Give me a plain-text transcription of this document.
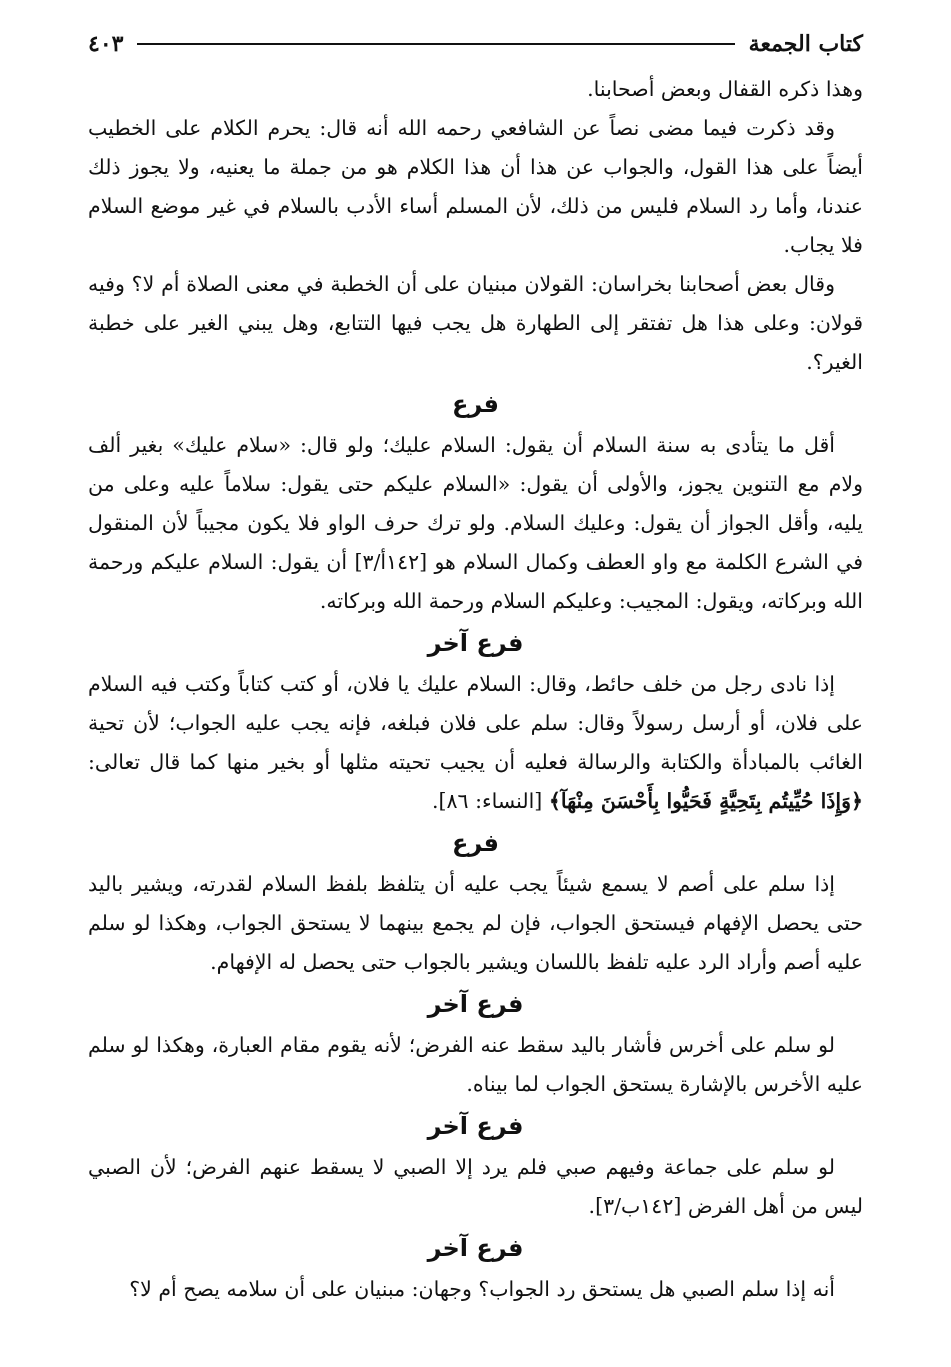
كتاب الجمعة
٤٠٣

وهذا ذكره القفال وبعض أصحابنا.

وقد ذكرت فيما مضى نصاً عن الشافعي رحمه الله أنه قال: يحرم الكلام على الخطيب أيضاً على هذا القول، والجواب عن هذا أن هذا الكلام هو من جملة ما يعنيه، ولا يجوز ذلك عندنا، وأما رد السلام فليس من ذلك، لأن المسلم أساء الأدب بالسلام في غير موضع السلام فلا يجاب.

وقال بعض أصحابنا بخراسان: القولان مبنيان على أن الخطبة في معنى الصلاة أم لا؟ وفيه قولان: وعلى هذا هل تفتقر إلى الطهارة هل يجب فيها التتابع، وهل يبني الغير على خطبة الغير؟.

فرع

أقل ما يتأدى به سنة السلام أن يقول: السلام عليك؛ ولو قال: «سلام عليك» بغير ألف ولام مع التنوين يجوز، والأولى أن يقول: «السلام عليكم حتى يقول: سلاماً عليه وعلى من يليه، وأقل الجواز أن يقول: وعليك السلام. ولو ترك حرف الواو فلا يكون مجيباً لأن المنقول في الشرع الكلمة مع واو العطف وكمال السلام هو [١٤٢أ/٣] أن يقول: السلام عليكم ورحمة الله وبركاته، ويقول: المجيب: وعليكم السلام ورحمة الله وبركاته.

فرع آخر

إذا نادى رجل من خلف حائط، وقال: السلام عليك يا فلان، أو كتب كتاباً وكتب فيه السلام على فلان، أو أرسل رسولاً وقال: سلم على فلان فبلغه، فإنه يجب عليه الجواب؛ لأن تحية الغائب بالمبادأة والكتابة والرسالة فعليه أن يجيب تحيته مثلها أو بخير منها كما قال تعالى: ﴿وَإِذَا حُيِّيتُم بِتَحِيَّةٍ فَحَيُّوا بِأَحْسَنَ مِنْهَآ﴾ [النساء: ٨٦].

فرع

إذا سلم على أصم لا يسمع شيئاً يجب عليه أن يتلفظ بلفظ السلام لقدرته، ويشير باليد حتى يحصل الإفهام فيستحق الجواب، فإن لم يجمع بينهما لا يستحق الجواب، وهكذا لو سلم عليه أصم وأراد الرد عليه تلفظ باللسان ويشير بالجواب حتى يحصل له الإفهام.

فرع آخر

لو سلم على أخرس فأشار باليد سقط عنه الفرض؛ لأنه يقوم مقام العبارة، وهكذا لو سلم عليه الأخرس بالإشارة يستحق الجواب لما بيناه.

فرع آخر

لو سلم على جماعة وفيهم صبي فلم يرد إلا الصبي لا يسقط عنهم الفرض؛ لأن الصبي ليس من أهل الفرض [١٤٢ب/٣].

فرع آخر

أنه إذا سلم الصبي هل يستحق رد الجواب؟ وجهان: مبنيان على أن سلامه يصح أم لا؟
